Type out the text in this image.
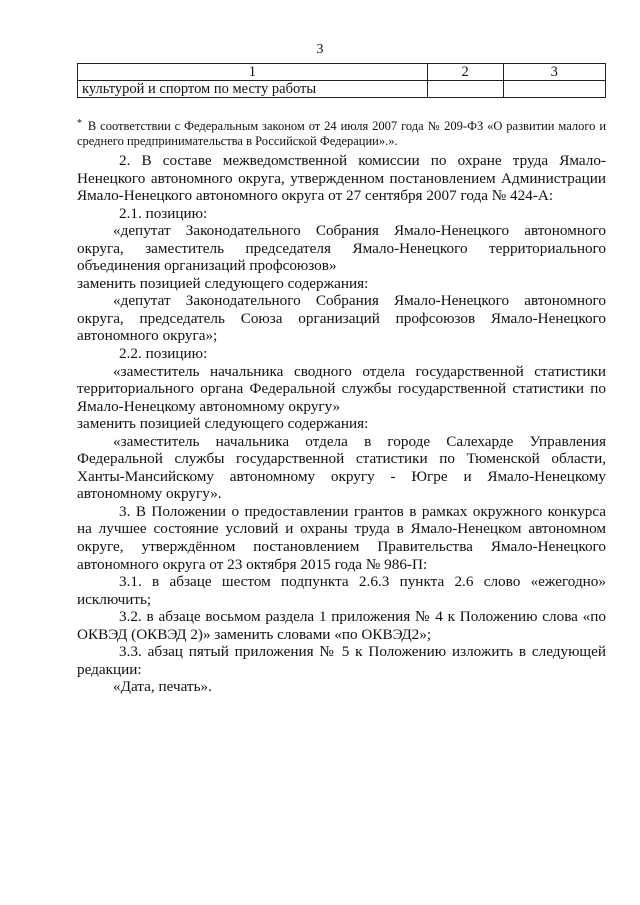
3
1	2	3
культурой и спортом по месту работы		
* В соответствии с Федеральным законом от 24 июля 2007 года № 209-ФЗ «О развитии малого и среднего предпринимательства в Российской Федерации».».

2. В составе межведомственной комиссии по охране труда Ямало-Ненецкого автономного округа, утвержденном постановлением Администрации Ямало-Ненецкого автономного округа от 27 сентября 2007 года № 424-А:

2.1. позицию:

«депутат Законодательного Собрания Ямало-Ненецкого автономного округа, заместитель председателя Ямало-Ненецкого территориального объединения организаций профсоюзов»

заменить позицией следующего содержания:

«депутат Законодательного Собрания Ямало-Ненецкого автономного округа, председатель Союза организаций профсоюзов Ямало-Ненецкого автономного округа»;

2.2. позицию:

«заместитель начальника сводного отдела государственной статистики территориального органа Федеральной службы государственной статистики по Ямало-Ненецкому автономному округу»

заменить позицией следующего содержания:

«заместитель начальника отдела в городе Салехарде Управления Федеральной службы государственной статистики по Тюменской области, Ханты-Мансийскому автономному округу - Югре и Ямало-Ненецкому автономному округу».

3. В Положении о предоставлении грантов в рамках окружного конкурса на лучшее состояние условий и охраны труда в Ямало-Ненецком автономном округе, утверждённом постановлением Правительства Ямало-Ненецкого автономного округа от 23 октября 2015 года № 986-П:

3.1. в абзаце шестом подпункта 2.6.3 пункта 2.6 слово «ежегодно» исключить;

3.2. в абзаце восьмом раздела 1 приложения № 4 к Положению слова «по ОКВЭД (ОКВЭД 2)» заменить словами «по ОКВЭД2»;

3.3. абзац пятый приложения № 5 к Положению изложить в следующей редакции:

«Дата, печать».
